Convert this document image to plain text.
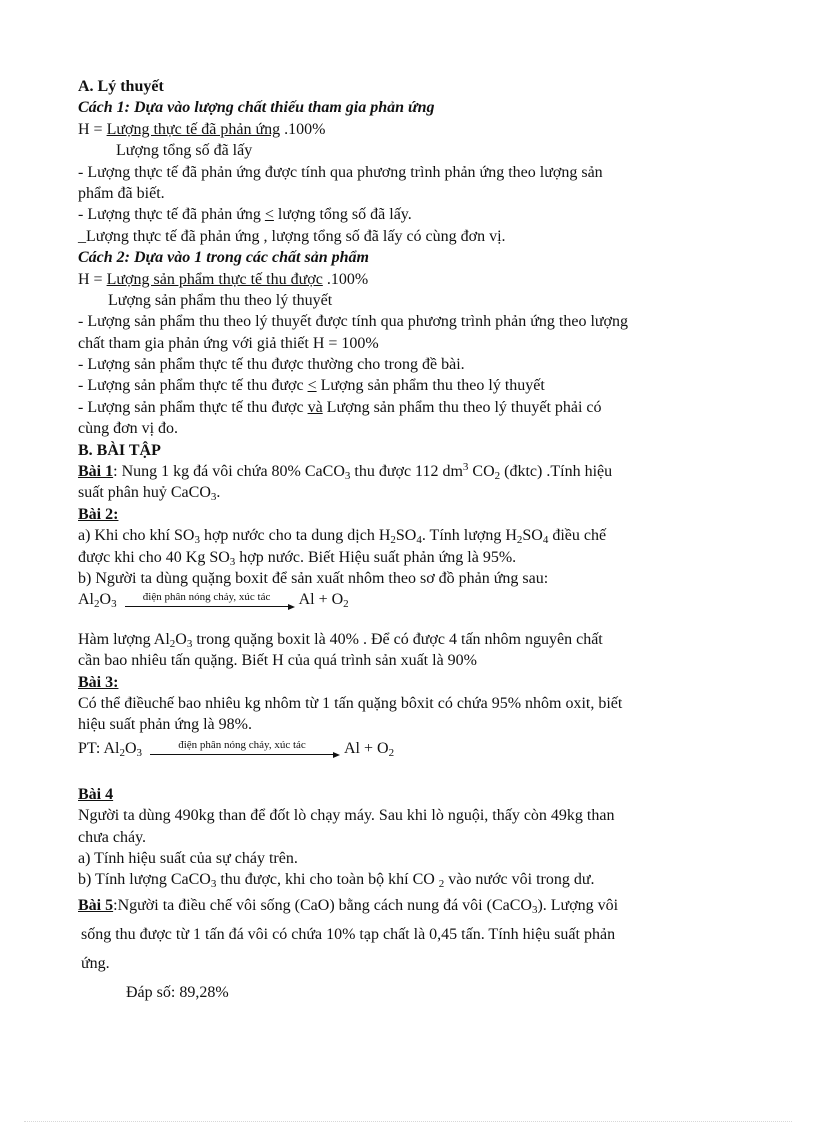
A. Lý thuyết
Cách 1: Dựa vào lượng chất thiếu tham gia phản ứng
H = Lượng thực tế đã phản ứng .100%
Lượng tổng số đã lấy
- Lượng thực tế đã phản ứng được tính qua phương trình phản ứng theo lượng sản
phẩm đã biết.
- Lượng thực tế đã phản ứng < lượng tổng số đã lấy.
_Lượng thực tế đã phản ứng , lượng tổng số đã lấy có cùng đơn vị.
Cách 2: Dựa vào 1 trong các chất sản phẩm
H = Lượng sản phẩm thực tế thu được .100%
Lượng sản phẩm thu theo lý thuyết
- Lượng sản phẩm thu theo lý thuyết được tính qua phương trình phản ứng theo lượng
chất tham gia phản ứng với giả thiết H = 100%
- Lượng sản phẩm thực tế thu được thường cho trong đề bài.
- Lượng sản phẩm thực tế thu được < Lượng sản phẩm thu theo lý thuyết
- Lượng sản phẩm thực tế thu được và Lượng sản phẩm thu theo lý thuyết phải có
cùng đơn vị đo.
B. BÀI TẬP
Bài 1: Nung 1 kg đá vôi chứa 80% CaCO$_3$ thu được 112 $dm^3$ $CO_2$ (đktc) .Tính hiệu
suất phân huỷ CaCO$_3$.
Bài 2:
a) Khi cho khí $SO_3$ hợp nước cho ta dung dịch $H_2SO_4$. Tính lượng $H_2SO_4$ điều chế
được khi cho 40 Kg $SO_3$ hợp nước. Biết Hiệu suất phản ứng là 95%.
b) Người ta dùng quặng boxit để sản xuất nhôm theo sơ đồ phản ứng sau:
$Al_2O_3$
điện phân nóng chảy, xúc tác	$Al + O_2$
Hàm lượng $Al_2O_3$ trong quặng boxit là 40% . Để có được 4 tấn nhôm nguyên chất
cần bao nhiêu tấn quặng. Biết H của quá trình sản xuất là 90%
Bài 3:
Có thể điềuchế bao nhiêu kg nhôm từ 1 tấn quặng bôxit có chứa 95% nhôm oxit, biết
hiệu suất phản ứng là 98%.
PT: $Al_2O_3$
điện phân nóng chảy, xúc tác	$Al + O_2$
Bài 4
Người ta dùng 490kg than để đốt lò chạy máy. Sau khi lò nguội, thấy còn 49kg than
chưa cháy.
a) Tính hiệu suất của sự cháy trên.
b) Tính lượng CaCO$_3$ thu được, khi cho toàn bộ khí CO $_2$ vào nước vôi trong dư.
Bài 5:Người ta điều chế vôi sống (CaO) bằng cách nung đá vôi (CaCO$_3$). Lượng vôi
sống thu được từ 1 tấn đá vôi có chứa 10% tạp chất là 0,45 tấn. Tính hiệu suất phản
ứng.
Đáp số: 89,28%
